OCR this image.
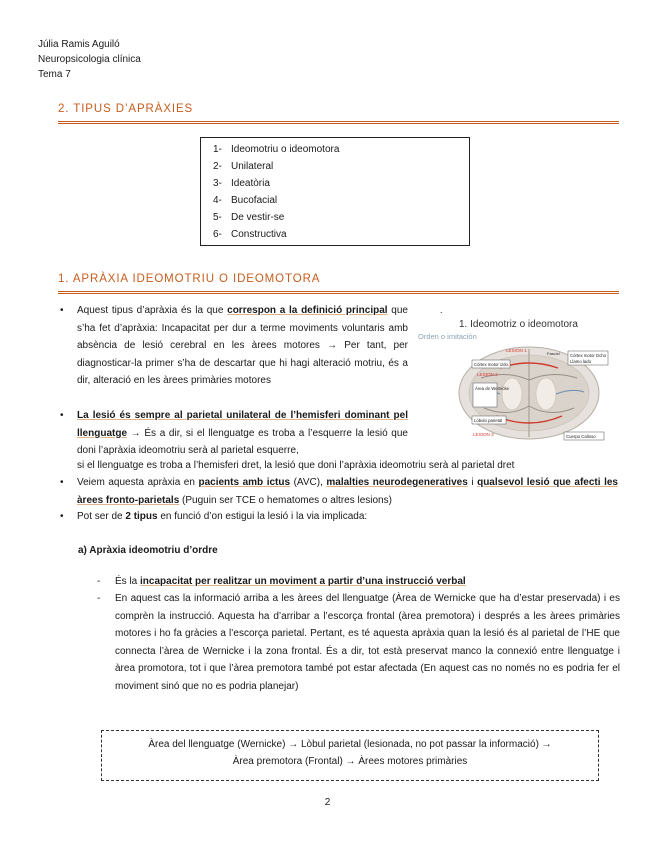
Júlia Ramis Aguiló
Neuropsicologia clínica
Tema 7
2. TIPUS D’APRÀXIES
1- Ideomotriu o ideomotora
2- Unilateral
3- Ideatòria
4- Bucofacial
5- De vestir-se
6- Constructiva
1. APRÀXIA IDEOMOTRIU O IDEOMOTORA
• Aquest tipus d’apràxia és la que correspon a la definició principal que s’ha fet d’apràxia: Incapacitat per dur a terme moviments voluntaris amb absència de lesió cerebral en les àrees motores → Per tant, per diagnosticar-la primer s’ha de descartar que hi hagi alteració motriu, és a dir, alteració en les àrees primàries motores
• La lesió és sempre al parietal unilateral de l’hemisferi dominant pel llenguatge → És a dir, si el llenguatge es troba a l’esquerre la lesió que doni l’apràxia ideomotriu serà al parietal esquerre,
si el llenguatge es troba a l’hemisferi dret, la lesió que doni l’apràxia ideomotriu serà al parietal dret
• Veiem aquesta apràxia en pacients amb ictus (AVC), malalties neurodegeneratives i qualsevol lesió que afecti les àrees fronto-parietals (Puguin ser TCE o hematomes o altres lesions)
• Pot ser de 2 tipus en funció d’on estigui la lesió i la via implicada:
a) Apràxia ideomotriu d’ordre
- És la incapacitat per realitzar un moviment a partir d’una instrucció verbal
- En aquest cas la informació arriba a les àrees del llenguatge (Àrea de Wernicke que ha d’estar preservada) i es comprèn la instrucció. Aquesta ha d’arribar a l’escorça frontal (àrea premotora) i després a les àrees primàries motores i ho fa gràcies a l’escorça parietal. Pertant, es té aquesta apràxia quan la lesió és al parietal de l’HE que connecta l’àrea de Wernicke i la zona frontal. És a dir, tot està preservat manco la connexió entre llenguatge i àrea promotora, tot i que l’àrea premotora també pot estar afectada (En aquest cas no només no es podria fer el moviment sinó que no es podria planejar)
Àrea del llenguatge (Wernicke) → Lòbul parietal (lesionada, no pot passar la informació) →
Àrea premotora (Frontal) → Àrees motores primàries
2
.
1. Ideomotriz o ideomotora
Orden o imitación
LESION 1
LESION 2
LESION 3
Córtex motor izdo.
Córtex motor Dcho
Llamo lado
Fascícl
Área de Wernicke
Lóbulo parietal
Cuerpo Calloso
